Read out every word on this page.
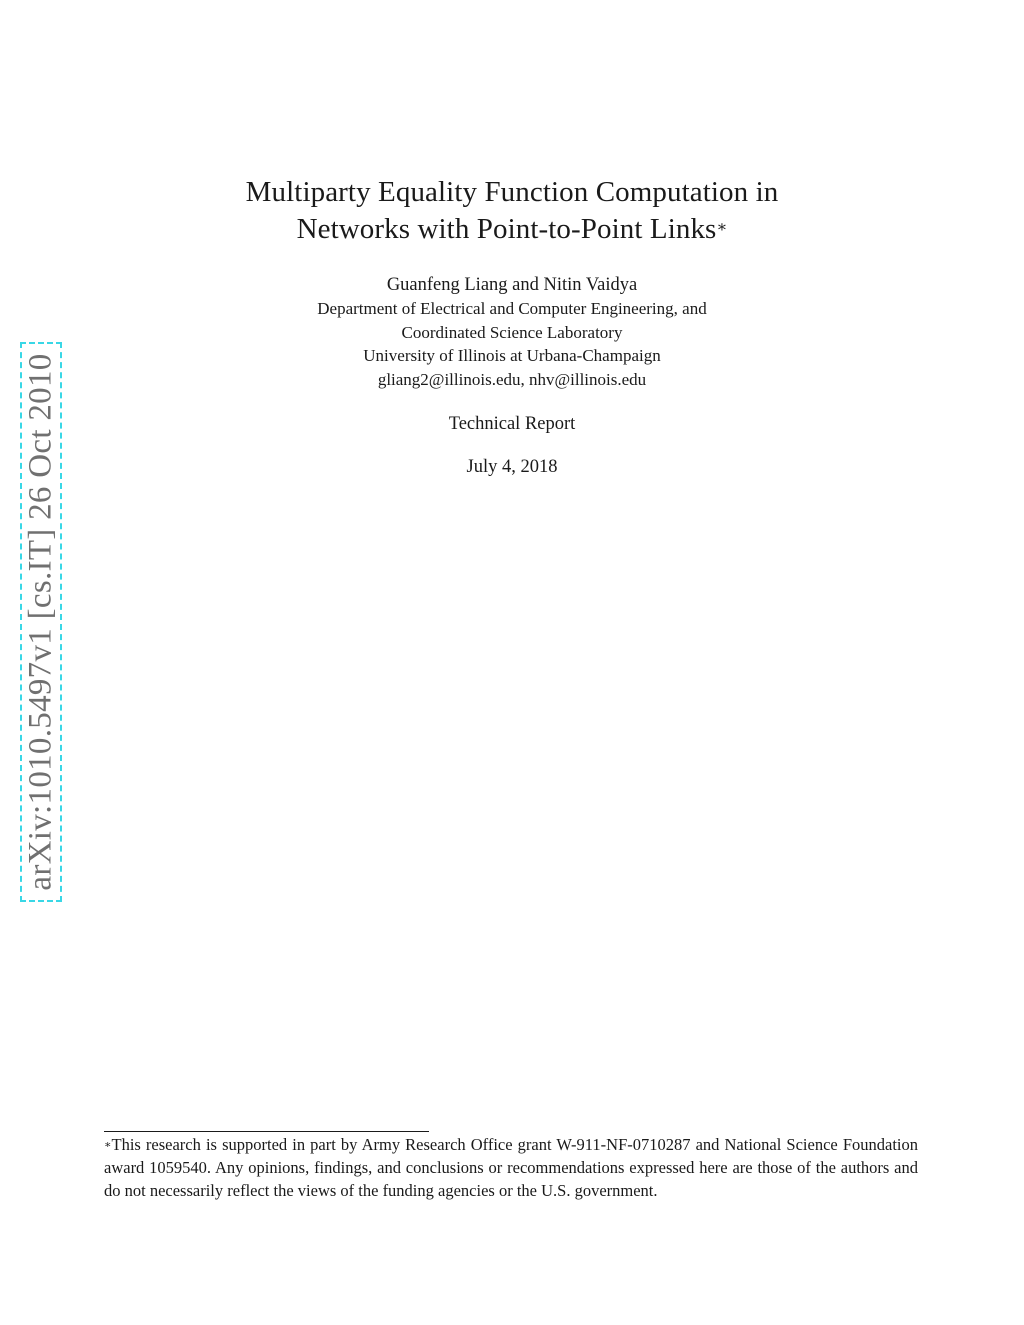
arXiv:1010.5497v1 [cs.IT] 26 Oct 2010
Multiparty Equality Function Computation in
Networks with Point-to-Point Links∗
Guanfeng Liang and Nitin Vaidya
Department of Electrical and Computer Engineering, and
Coordinated Science Laboratory
University of Illinois at Urbana-Champaign
gliang2@illinois.edu, nhv@illinois.edu
Technical Report
July 4, 2018
∗This research is supported in part by Army Research Office grant W-911-NF-0710287 and National Science Foundation award 1059540. Any opinions, findings, and conclusions or recommendations expressed here are those of the authors and do not necessarily reflect the views of the funding agencies or the U.S. government.
